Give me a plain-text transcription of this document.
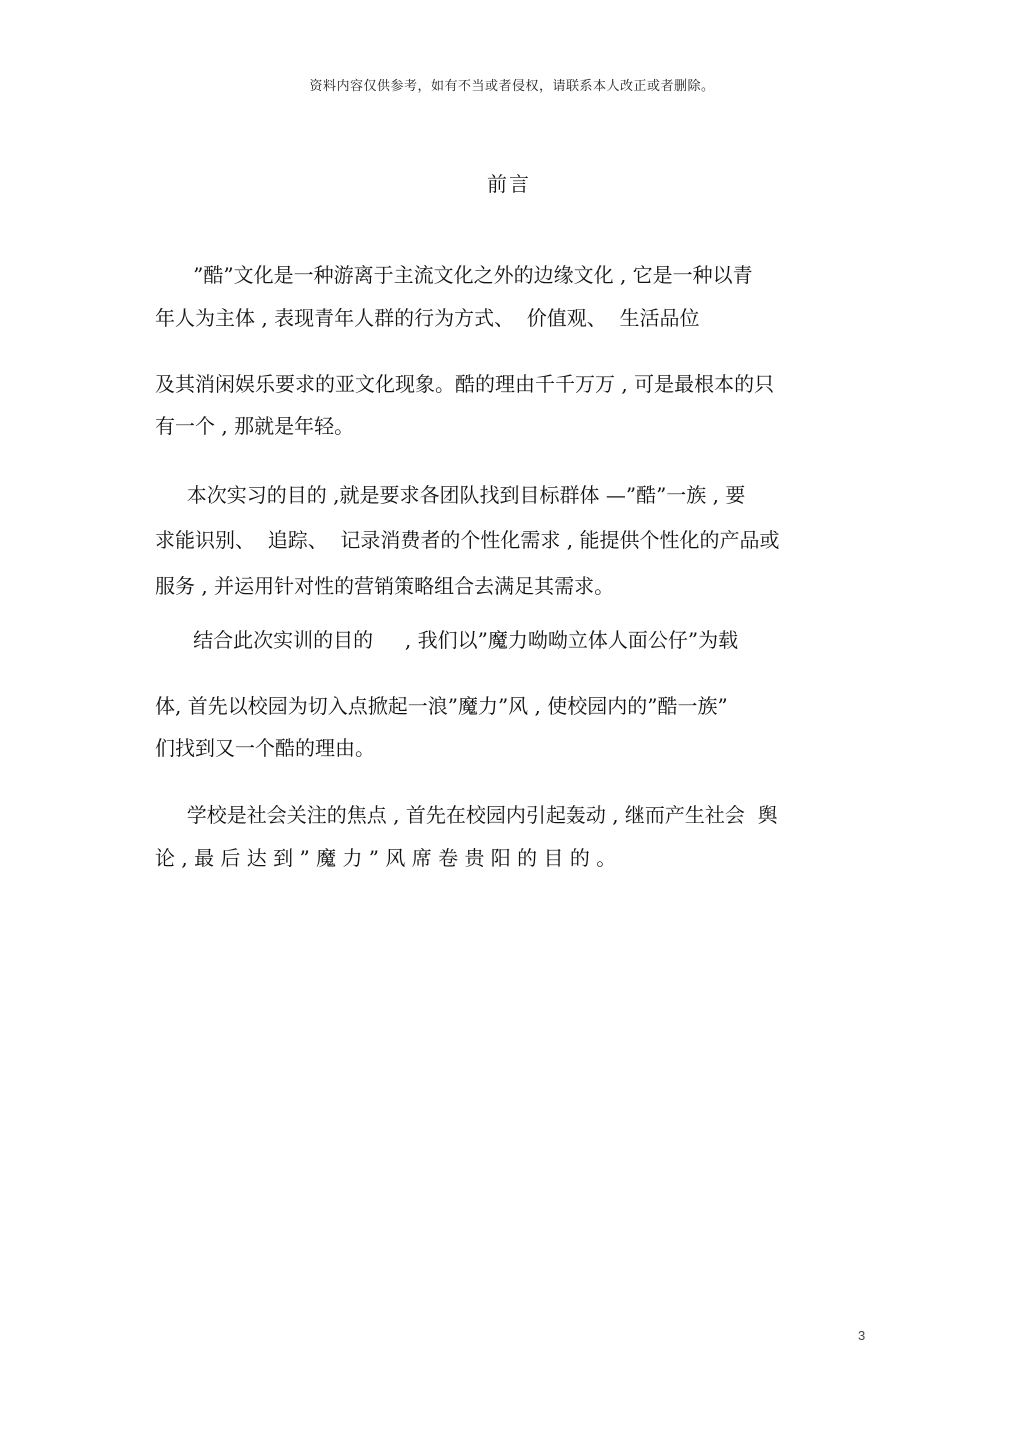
资料内容仅供参考，如有不当或者侵权，请联系本人改正或者删除。
前言
”酷”文化是一种游离于主流文化之外的边缘文化 , 它是一种以青
年人为主体 , 表现青年人群的行为方式、  价值观、  生活品位
及其消闲娱乐要求的亚文化现象。酷的理由千千万万 , 可是最根本的只
有一个 , 那就是年轻。
本次实习的目的 ,就是要求各团队找到目标群体 —”酷”一族 , 要
求能识别、  追踪、  记录消费者的个性化需求 , 能提供个性化的产品或
服务 , 并运用针对性的营销策略组合去满足其需求。
结合此次实训的目的     , 我们以”魔力呦呦立体人面公仔”为载
体, 首先以校园为切入点掀起一浪”魔力”风 , 使校园内的”酷一族”
们找到又一个酷的理由。
学校是社会关注的焦点 , 首先在校园内引起轰动 , 继而产生社会  舆
论 , 最 后 达 到 ” 魔 力 ” 风 席 卷 贵 阳 的 目 的 。
3
